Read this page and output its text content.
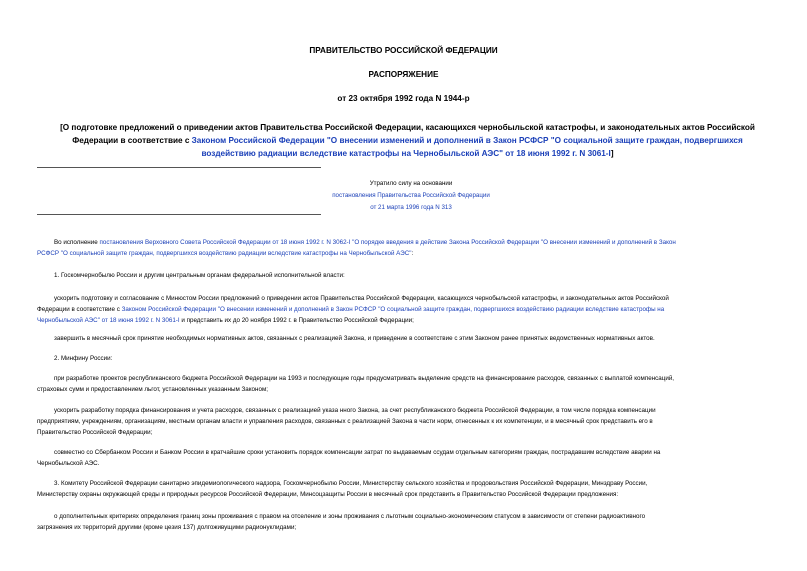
ПРАВИТЕЛЬСТВО РОССИЙСКОЙ ФЕДЕРАЦИИ
РАСПОРЯЖЕНИЕ
от 23 октября 1992 года N 1944-р
[О подготовке предложений о приведении актов Правительства Российской Федерации, касающихся чернобыльской катастрофы, и законодательных актов Российской Федерации в соответствие с Законом Российской Федерации "О внесении изменений и дополнений в Закон РСФСР "О социальной защите граждан, подвергшихся воздействию радиации вследствие катастрофы на Чернобыльской АЭС" от 18 июня 1992 г. N 3061-I]
Утратило силу на основании
постановления Правительства Российской Федерации
от 21 марта 1996 года N 313
Во исполнение постановления Верховного Совета Российской Федерации от 18 июня 1992 г. N 3062-I "О порядке введения в действие Закона Российской Федерации "О внесении изменений и дополнений в Закон
РСФСР "О социальной защите граждан, подвергшихся воздействию радиации вследствие катастрофы на Чернобыльской АЭС":
1. Госкомчернобылю России и другим центральным органам федеральной исполнительной власти:
ускорить подготовку и согласование с Минюстом России предложений о приведении актов Правительства Российской Федерации, касающихся чернобыльской катастрофы, и законодательных актов Российской
Федерации в соответствие с Законом Российской Федерации "О внесении изменений и дополнений в Закон РСФСР "О социальной защите граждан, подвергшихся воздействию радиации вследствие катастрофы на
Чернобыльской АЭС" от 18 июня 1992 г. N 3061-I и представить их до 20 ноября 1992 г. в Правительство Российской Федерации;
завершить в месячный срок принятие необходимых нормативных актов, связанных с реализацией Закона, и приведение в соответствие с этим Законом ранее принятых ведомственных нормативных актов.
2. Минфину России:
при разработке проектов республиканского бюджета Российской Федерации на 1993 и последующие годы предусматривать выделение средств на финансирование расходов, связанных с выплатой компенсаций,
страховых сумм и предоставлением льгот, установленных указанным Законом;
ускорить разработку порядка финансирования и учета расходов, связанных с реализацией указа нного Закона, за счет республиканского бюджета Российской Федерации, в том числе порядка компенсации
предприятиям, учреждениям, организациям, местным органам власти и управления расходов, связанных с реализацией Закона в части норм, отнесенных к их компетенции, и в месячный срок представить его в
Правительство Российской Федерации;
совместно со Сбербанком России и Банком России в кратчайшие сроки установить порядок компенсации затрат по выдаваемым ссудам отдельным категориям граждан, пострадавшим вследствие аварии на
Чернобыльской АЭС.
3. Комитету Российской Федерации санитарно эпидемиологического надзора, Госкомчернобылю России, Министерству сельского хозяйства и продовольствия Российской Федерации, Минздраву России,
Министерству охраны окружающей среды и природных ресурсов Российской Федерации, Минсоцзащиты России в месячный срок представить в Правительство Российской Федерации предложения:
о дополнительных критериях определения границ зоны проживания с правом на отселение и зоны проживания с льготным социально-экономическим статусом в зависимости от степени радиоактивного
загрязнения их территорий другими (кроме цезия 137) долгоживущими радионуклидами;
